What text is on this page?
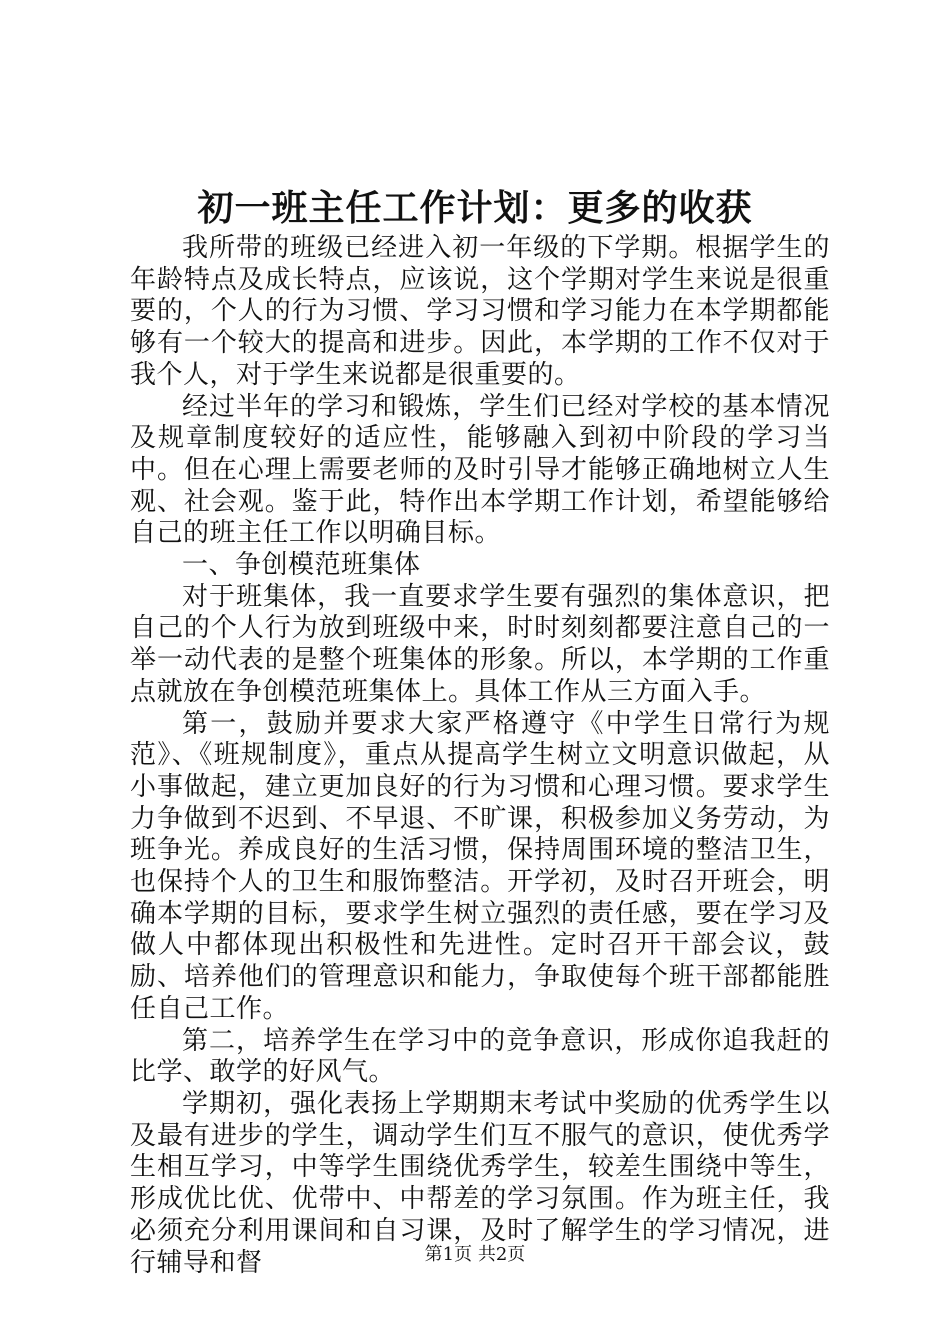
初一班主任工作计划：更多的收获

我所带的班级已经进入初一年级的下学期。根据学生的年龄特点及成长特点，应该说，这个学期对学生来说是很重要的，个人的行为习惯、学习习惯和学习能力在本学期都能够有一个较大的提高和进步。因此，本学期的工作不仅对于我个人，对于学生来说都是很重要的。

经过半年的学习和锻炼，学生们已经对学校的基本情况及规章制度较好的适应性，能够融入到初中阶段的学习当中。但在心理上需要老师的及时引导才能够正确地树立人生观、社会观。鉴于此，特作出本学期工作计划，希望能够给自己的班主任工作以明确目标。

一、争创模范班集体

对于班集体，我一直要求学生要有强烈的集体意识，把自己的个人行为放到班级中来，时时刻刻都要注意自己的一举一动代表的是整个班集体的形象。所以，本学期的工作重点就放在争创模范班集体上。具体工作从三方面入手。

第一，鼓励并要求大家严格遵守《中学生日常行为规范》、《班规制度》，重点从提高学生树立文明意识做起，从小事做起，建立更加良好的行为习惯和心理习惯。要求学生力争做到不迟到、不早退、不旷课，积极参加义务劳动，为班争光。养成良好的生活习惯，保持周围环境的整洁卫生，也保持个人的卫生和服饰整洁。开学初，及时召开班会，明确本学期的目标，要求学生树立强烈的责任感，要在学习及做人中都体现出积极性和先进性。定时召开干部会议，鼓励、培养他们的管理意识和能力，争取使每个班干部都能胜任自己工作。

第二，培养学生在学习中的竞争意识，形成你追我赶的比学、敢学的好风气。

学期初，强化表扬上学期期末考试中奖励的优秀学生以及最有进步的学生，调动学生们互不服气的意识，使优秀学生相互学习，中等学生围绕优秀学生，较差生围绕中等生，形成优比优、优带中、中帮差的学习氛围。作为班主任，我必须充分利用课间和自习课，及时了解学生的学习情况，进行辅导和督	第1页 共2页
